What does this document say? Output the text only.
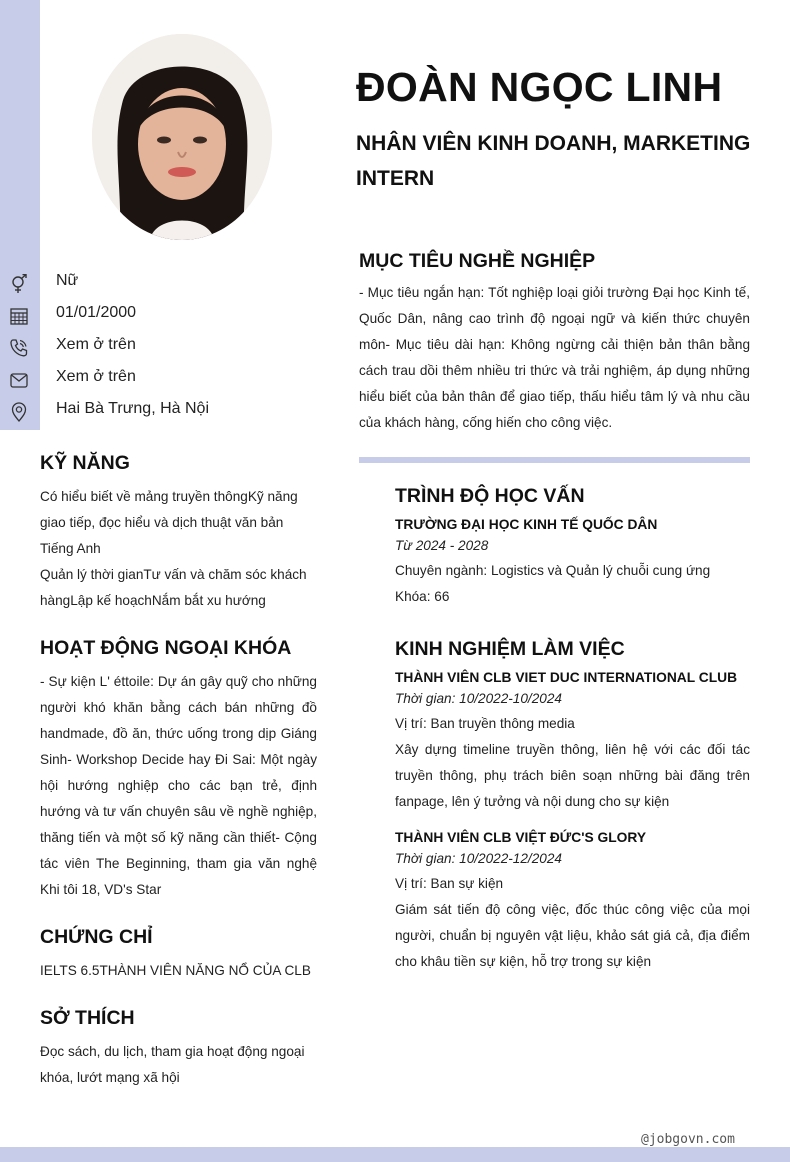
ĐOÀN NGỌC LINH
NHÂN VIÊN KINH DOANH, MARKETING INTERN
Nữ
01/01/2000
Xem ở trên
Xem ở trên
Hai Bà Trưng, Hà Nội
KỸ NĂNG
Có hiểu biết về mảng truyền thôngKỹ năng giao tiếp, đọc hiểu và dịch thuật văn bản Tiếng Anh
Quản lý thời gianTư vấn và chăm sóc khách hàngLập kế hoạchNắm bắt xu hướng
HOẠT ĐỘNG NGOẠI KHÓA
- Sự kiện L' éttoile: Dự án gây quỹ cho những người khó khăn bằng cách bán những đồ handmade, đồ ăn, thức uống trong dịp Giáng Sinh- Workshop Decide hay Đi Sai: Một ngày hội hướng nghiệp cho các bạn trẻ, định hướng và tư vấn chuyên sâu về nghề nghiệp, thăng tiến và một số kỹ năng cần thiết- Cộng tác viên The Beginning, tham gia văn nghệ Khi tôi 18, VD's Star
CHỨNG CHỈ
IELTS 6.5THÀNH VIÊN NĂNG NỔ CỦA CLB
SỞ THÍCH
Đọc sách, du lịch, tham gia hoạt động ngoại khóa, lướt mạng xã hội
MỤC TIÊU NGHỀ NGHIỆP
- Mục tiêu ngắn hạn: Tốt nghiệp loại giỏi trường Đại học Kinh tế, Quốc Dân, nâng cao trình độ ngoại ngữ và kiến thức chuyên môn- Mục tiêu dài hạn: Không ngừng cải thiện bản thân bằng cách trau dồi thêm nhiều tri thức và trải nghiệm, áp dụng những hiểu biết của bản thân để giao tiếp, thấu hiểu tâm lý và nhu cầu của khách hàng, cống hiến cho công việc.
TRÌNH ĐỘ HỌC VẤN
TRƯỜNG ĐẠI HỌC KINH TẾ QUỐC DÂN
Từ 2024 - 2028
Chuyên ngành: Logistics và Quản lý chuỗi cung ứng
Khóa: 66
KINH NGHIỆM LÀM VIỆC
THÀNH VIÊN CLB VIET DUC INTERNATIONAL CLUB
Thời gian: 10/2022-10/2024
Vị trí: Ban truyền thông media
Xây dựng timeline truyền thông, liên hệ với các đối tác truyền thông, phụ trách biên soạn những bài đăng trên fanpage, lên ý tưởng và nội dung cho sự kiện
THÀNH VIÊN CLB VIỆT ĐỨC'S GLORY
Thời gian: 10/2022-12/2024
Vị trí: Ban sự kiện
Giám sát tiến độ công việc, đốc thúc công việc của mọi người, chuẩn bị nguyên vật liệu, khảo sát giá cả, địa điểm cho khâu tiền sự kiện, hỗ trợ trong sự kiện
@jobgovn.com
